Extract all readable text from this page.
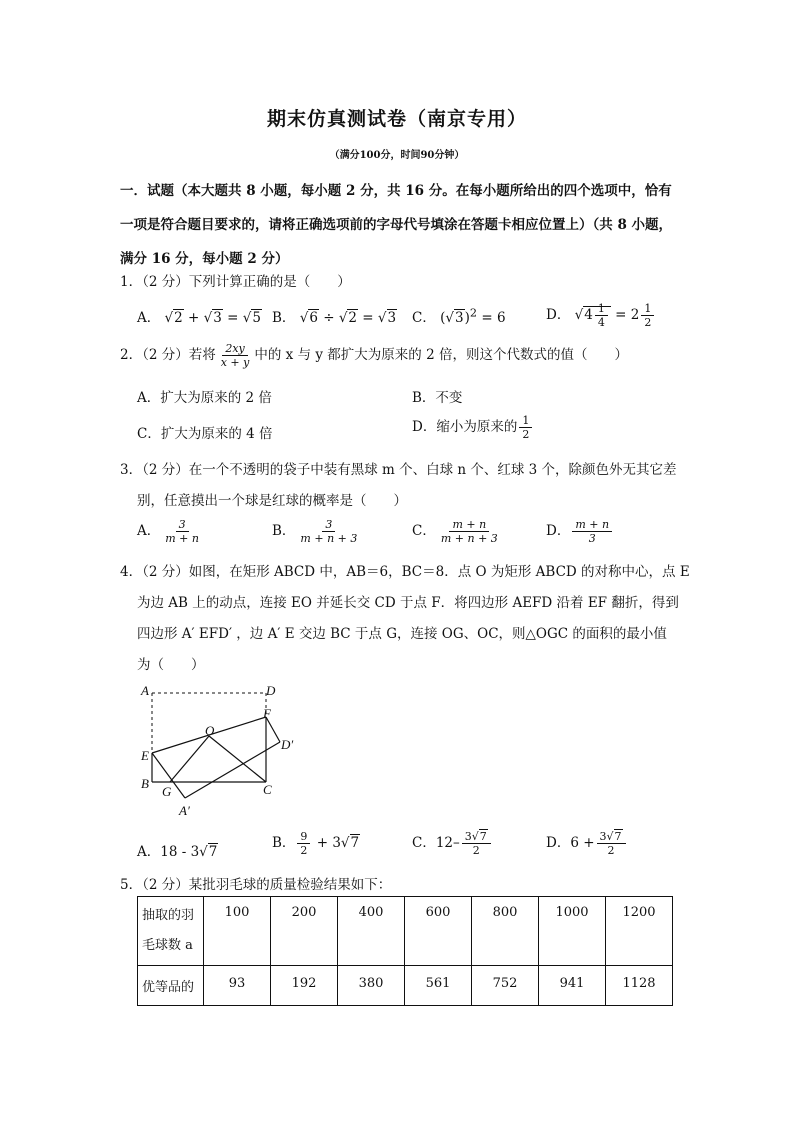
期末仿真测试卷（南京专用）
（满分100分，时间90分钟）
一．试题（本大题共 8 小题，每小题 2 分，共 16 分。在每小题所给出的四个选项中，恰有
一项是符合题目要求的，请将正确选项前的字母代号填涂在答题卡相应位置上）（共 8 小题，
满分 16 分，每小题 2 分）
1．（2 分）下列计算正确的是（　　）
A． √2 + √3 = √5 B． √6 ÷ √2 = √3 C． $(√3)^2 = 6$	D． $√4 \frac{1}{4} = 2 \frac{1}{2}$
2．（2 分）若将 $\frac{2xy}{x + y}$ 中的 x 与 y 都扩大为原来的 2 倍，则这个代数式的值（　　）
A．扩大为原来的 2 倍	B．不变
C．扩大为原来的 4 倍	D．缩小为原来的 $\frac{1}{2}$
3．（2 分）在一个不透明的袋子中装有黑球 m 个、白球 n 个、红球 3 个，除颜色外无其它差
别，任意摸出一个球是红球的概率是（　　）
A． $\frac{3}{m + n}$	B． $\frac{3}{m + n + 3}$	C． $\frac{m + n}{m + n + 3}$	D． $\frac{m + n}{3}$
4．（2 分）如图，在矩形 ABCD 中，AB＝6，BC＝8．点 O 为矩形 ABCD 的对称中心，点 E
为边 AB 上的动点，连接 EO 并延长交 CD 于点 F．将四边形 AEFD 沿着 EF 翻折，得到
四边形 A′ EFD′ ，边 A′ E 交边 BC 于点 G，连接 OG、OC，则△OGC 的面积的最小值
为（　　）
A	D
O
F
D′
E
B
G	C
A′
A．18 - 3√7
B． $\frac{9}{2} + 3√7$	C．$12- \frac{3√7}{2}$	D．$6 + \frac{3√7}{2}$
5．（2 分）某批羽毛球的质量检验结果如下：
抽取的羽
毛球数 a	100	200	400	600	800	1000	1200
优等品的	93	192	380	561	752	941	1128
